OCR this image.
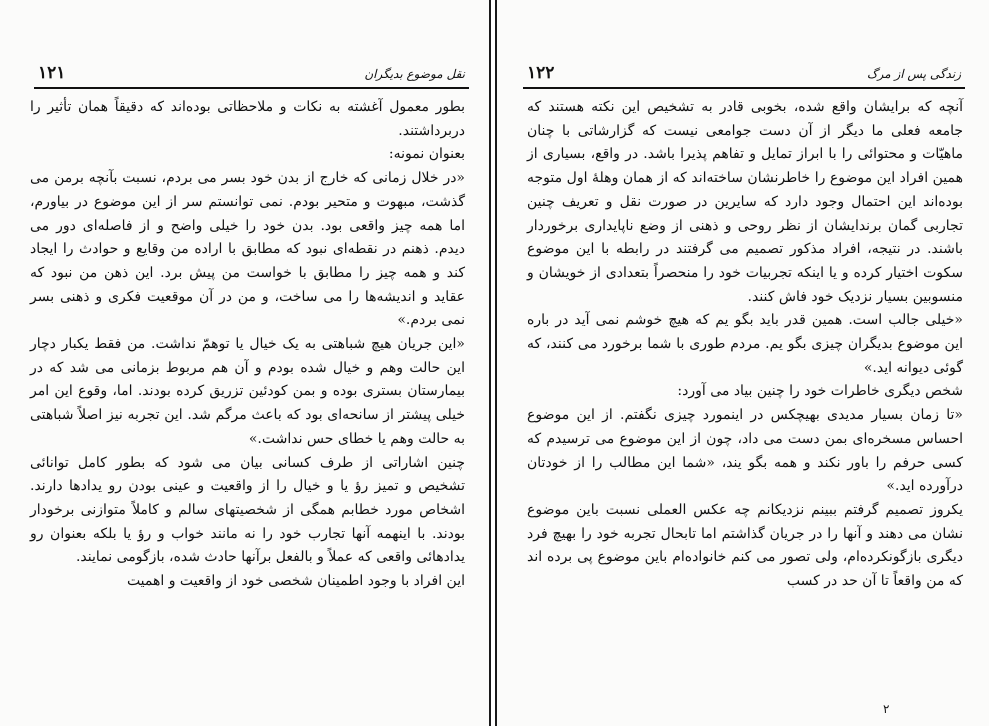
نقل موضوع بدیگران
۱۲۱

بطور معمول آغشته به نکات و ملاحظاتی بوده‌اند که دقیقاً همان تأثیر را دربرداشتند.

بعنوان نمونه:

«در خلال زمانی که خارج از بدن خود بسر می بردم، نسبت بآنچه برمن می گذشت، مبهوت و متحیر بودم. نمی توانستم سر از این موضوع در بیاورم، اما همه چیز واقعی بود. بدن خود را خیلی واضح و از فاصله‌ای دور می دیدم. ذهنم در نقطه‌ای نبود که مطابق با اراده من وقایع و حوادث را ایجاد کند و همه چیز را مطابق با خواست من پیش برد. این ذهن من نبود که عقاید و اندیشه‌ها را می ساخت، و من در آن موقعیت فکری و ذهنی بسر نمی بردم.»

«این جریان هیچ شباهتی به یک خیال یا توهمّ نداشت. من فقط یکبار دچار این حالت وهم و خیال شده بودم و آن هم مربوط بزمانی می شد که در بیمارستان بستری بوده و بمن کودئین تزریق کرده بودند. اما، وقوع این امر خیلی پیشتر از سانحه‌ای بود که باعث مرگم شد. این تجربه نیز اصلاً شباهتی به حالت وهم یا خطای حس نداشت.»

چنین اشاراتی از طرف کسانی بیان می شود که بطور کامل توانائی تشخیص و تمیز رؤ یا و خیال را از واقعیت و عینی بودن رو یدادها دارند. اشخاص مورد خطابم همگی از شخصیتهای سالم و کاملاً متوازنی برخودار بودند. با اینهمه آنها تجارب خود را نه مانند خواب و رؤ یا بلکه بعنوان رو یدادهائی واقعی که عملاً و بالفعل برآنها حادث شده، بازگومی نمایند.

این افراد با وجود اطمینان شخصی خود از واقعیت و اهمیت

زندگی پس از مرگ
۱۲۲

آنچه که برایشان واقع شده، بخوبی قادر به تشخیص این نکته هستند که جامعه فعلی ما دیگر از آن دست جوامعی نیست که گزارشاتی با چنان ماهیّات و محتوائی را با ابراز تمایل و تفاهم پذیرا باشد. در واقع، بسیاری از همین افراد این موضوع را خاطرنشان ساخته‌اند که از همان وهلهٔ اول متوجه بوده‌اند این احتمال وجود دارد که سایرین در صورت نقل و تعریف چنین تجاربی گمان برندایشان از نظر روحی و ذهنی از وضع ناپایداری برخوردار باشند. در نتیجه، افراد مذکور تصمیم می گرفتند در رابطه با این موضوع سکوت اختیار کرده و یا اینکه تجربیات خود را منحصراً بتعدادی از خویشان و منسوبین بسیار نزدیک خود فاش کنند.

«خیلی جالب است. همین قدر باید بگو یم که هیچ خوشم نمی آید در باره این موضوع بدیگران چیزی بگو یم. مردم طوری با شما برخورد می کنند، که گوئی دیوانه اید.»

شخص دیگری خاطرات خود را چنین بیاد می آورد:

«تا زمان بسیار مدیدی بهیچکس در اینمورد چیزی نگفتم. از این موضوع احساس مسخره‌ای بمن دست می داد، چون از این موضوع می ترسیدم که کسی حرفم را باور نکند و همه بگو یند، «شما این مطالب را از خودتان درآورده اید.»

یکروز تصمیم گرفتم ببینم نزدیکانم چه عکس العملی نسبت باین موضوع نشان می دهند و آنها را در جریان گذاشتم اما تابحال تجربه خود را بهیچ فرد دیگری بازگونکرده‌ام، ولی تصور می کنم خانواده‌ام باین موضوع پی برده اند که من واقعاً تا آن حد در کسب

۲
